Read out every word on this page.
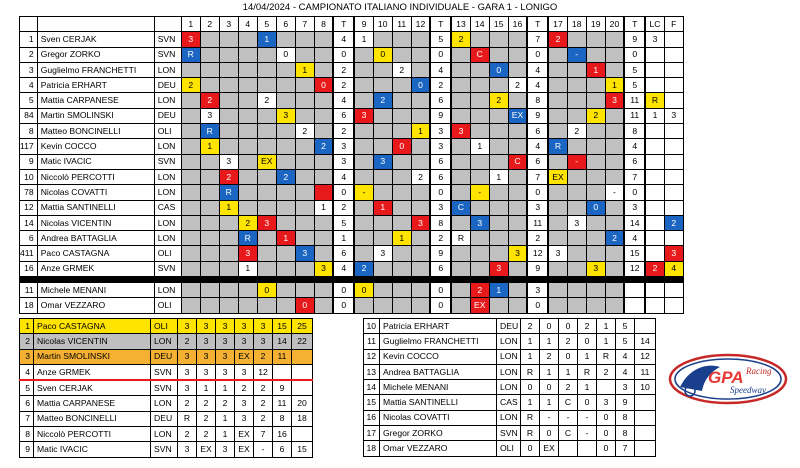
14/04/2024 - CAMPIONATO ITALIANO INDIVIDUALE - GARA 1 - LONIGO
			1	2	3	4	5	6	7	8	T	9	10	11	12	T	13	14	15	16	T	17	18	19	20	T	LC	F
1	Sven CERJAK	SVN	3				1				4	1				5	2				7	2				9	3	
2	Gregor ZORKO	SVN	R					0			0		0			0		C			0		-			0		
3	Guglielmo FRANCHETTI	LON							1		2			2		4			0		4			1		5		
4	Patricia ERHART	DEU	2							0	2				0	2				2	4				1	5		
5	Mattia CARPANESE	LON		2			2				4		2			6			2		8				3	11	R	
84	Martin SMOLINSKI	DEU		3				3			6	3				9				EX	9			2		11	1	3
8	Matteo BONCINELLI	OLI		R					2		2				1	3	3				6		2			8		
117	Kevin COCCO	LON		1						2	3			0		3		1			4	R				4		
9	Matic IVACIC	SVN			3		EX				3		3			6				C	6		-			6		
10	Niccolò PERCOTTI	LON			2			2			4				2	6			1		7	EX				7		
78	Nicolas COVATTI	LON			R						0	-				0		-			0				-	0		
12	Mattia SANTINELLI	CAS			1					1	2		1			3	C				3			0		3		
14	Nicolas VICENTIN	LON				2	3				5				3	8		3			11		3			14		2
6	Andrea BATTAGLIA	LON				R		1			1			1		2	R				2				2	4		
411	Paco CASTAGNA	OLI				3			3		6		3			9				3	12	3				15		3
16	Anze GRMEK	SVN				1				3	4	2				6			3		9			3		12	2	4

11	Michele MENANI	LON					0				0	0				0		2	1		3							
18	Omar VEZZARO	OLI							0		0					0		EX			0							
1	Paco CASTAGNA	OLI	3	3	3	3	3	15	25
2	Nicolas VICENTIN	LON	2	3	3	3	3	14	22
3	Martin SMOLINSKI	DEU	3	3	3	EX	2	11	
4	Anze GRMEK	SVN	3	3	3	3	12		
5	Sven CERJAK	SVN	3	1	1	2	2	9	
6	Mattia CARPANESE	LON	2	2	2	3	2	11	20
7	Matteo BONCINELLI	DEU	R	2	1	3	2	8	18
8	Niccolò PERCOTTI	LON	2	2	1	EX	7	16	
9	Matic IVACIC	SVN	3	EX	3	EX	-	6	15
10	Patricia ERHART	DEU	2	0	0	2	1	5	
11	Guglielmo FRANCHETTI	LON	1	1	2	0	1	5	14
12	Kevin COCCO	LON	1	2	0	1	R	4	12
13	Andrea BATTAGLIA	LON	R	1	1	R	2	4	11
14	Michele MENANI	LON	0	0	2	1		3	10
15	Mattia SANTINELLI	CAS	1	1	C	0	3	9	
16	Nicolas COVATTI	LON	R	-	-	-	0	8	
17	Gregor ZORKO	SVN	R	0	C	-	0	8	
18	Omar VEZZARO	OLI	0	EX			0	7	
GPA Racing
Speedway
